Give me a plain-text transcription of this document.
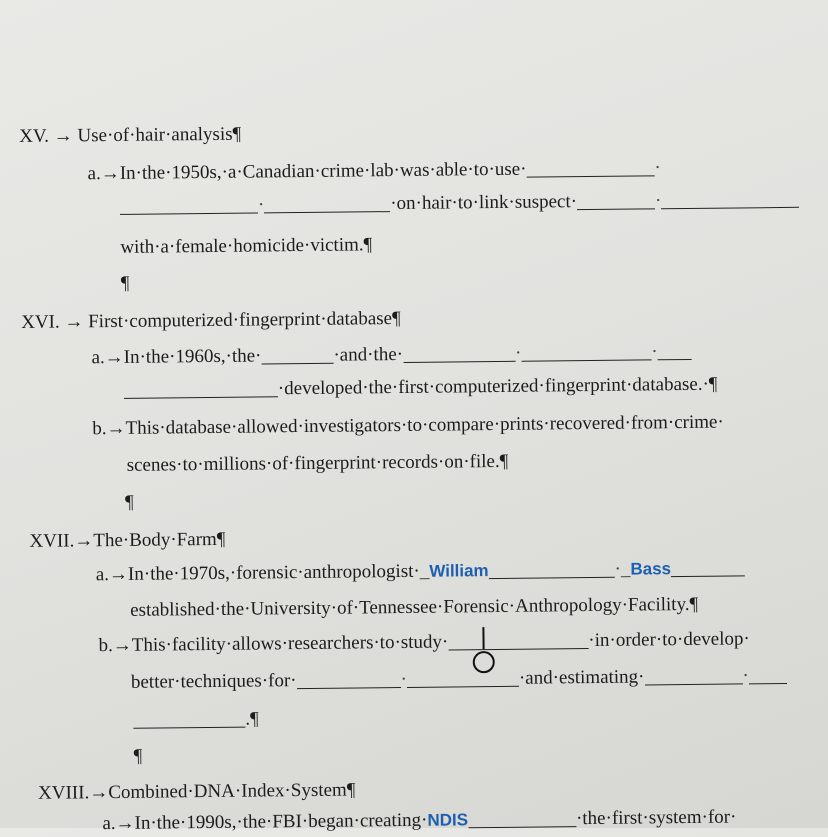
XV. → Use·of·hair·analysis¶
a.→In·the·1950s,·a·Canadian·crime·lab·was·able·to·use·	·
·	·on·hair·to·link·suspect·	·
with·a·female·homicide·victim.¶
¶
XVI. → First·computerized·fingerprint·database¶
a.→In·the·1960s,·the·	·and·the·	·	·
·developed·the·first·computerized·fingerprint·database.·¶
b.→This·database·allowed·investigators·to·compare·prints·recovered·from·crime·
scenes·to·millions·of·fingerprint·records·on·file.¶
¶
XVII.→The·Body·Farm¶
a.→In·the·1970s,·forensic·anthropologist·_William	·_Bass
established·the·University·of·Tennessee·Forensic·Anthropology·Facility.¶
b.→This·facility·allows·researchers·to·study·	·in·order·to·develop·
better·techniques·for·	·	·and·estimating·	·
.¶
¶
XVIII.→Combined·DNA·Index·System¶
a.→In·the·1990s,·the·FBI·began·creating·NDIS	·the·first·system·for·
